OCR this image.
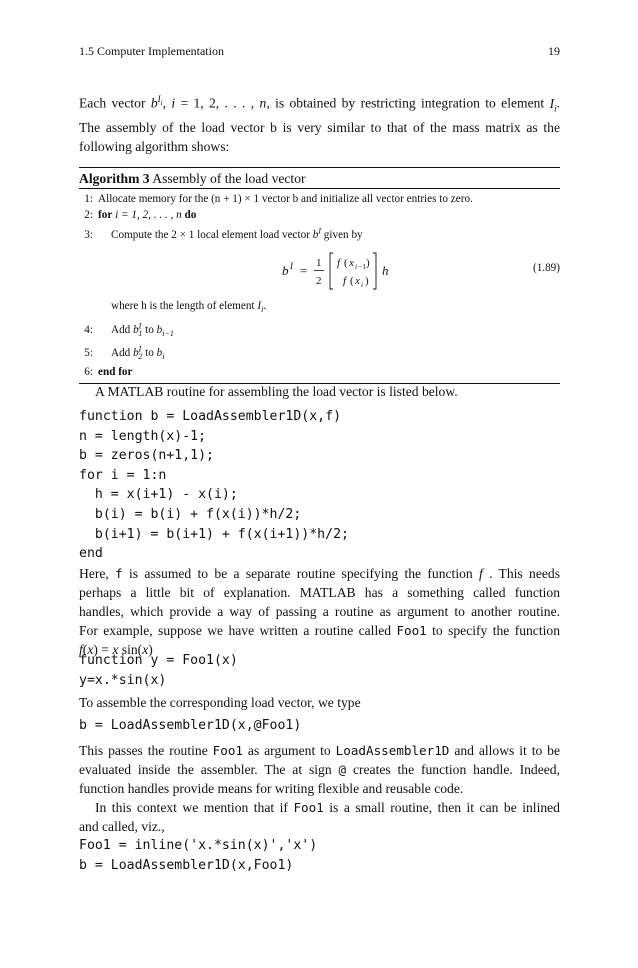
1.5 Computer Implementation	19
Each vector $b^{I_i}$, i = 1, 2, . . . , n, is obtained by restricting integration to element $I_i$.
The assembly of the load vector b is very similar to that of the mass matrix as the
following algorithm shows:
Algorithm 3 Assembly of the load vector
1: Allocate memory for the (n + 1) × 1 vector b and initialize all vector entries to zero.
2: for i = 1, 2, . . . , n do
3: Compute the 2 × 1 local element load vector $b^I$ given by
b I = 1
2
f ( x i −1 )
f ( x i )
h	(1.89)
where h is the length of element $I_i$.
4: Add $b^I_1$ to $b_{i-1}$
5: Add $b^I_2$ to $b_i$
6: end for
A MATLAB routine for assembling the load vector is listed below.
function b = LoadAssembler1D(x,f)
n = length(x)-1;
b = zeros(n+1,1);
for i = 1:n
h = x(i+1) - x(i);
b(i) = b(i) + f(x(i))*h/2;
b(i+1) = b(i+1) + f(x(i+1))*h/2;
end
Here, f is assumed to be a separate routine specifying the function f . This needs
perhaps a little bit of explanation. MATLAB has a something called function
handles, which provide a way of passing a routine as argument to another routine.
For example, suppose we have written a routine called Foo1 to specify the function
f(x) = x sin(x)
function y = Foo1(x)
y=x.*sin(x)
To assemble the corresponding load vector, we type
b = LoadAssembler1D(x,@Foo1)
This passes the routine Foo1 as argument to LoadAssembler1D and allows it to be
evaluated inside the assembler. The at sign @ creates the function handle. Indeed,
function handles provide means for writing flexible and reusable code.
In this context we mention that if Foo1 is a small routine, then it can be inlined
and called, viz.,
Foo1 = inline('x.*sin(x)','x')
b = LoadAssembler1D(x,Foo1)
